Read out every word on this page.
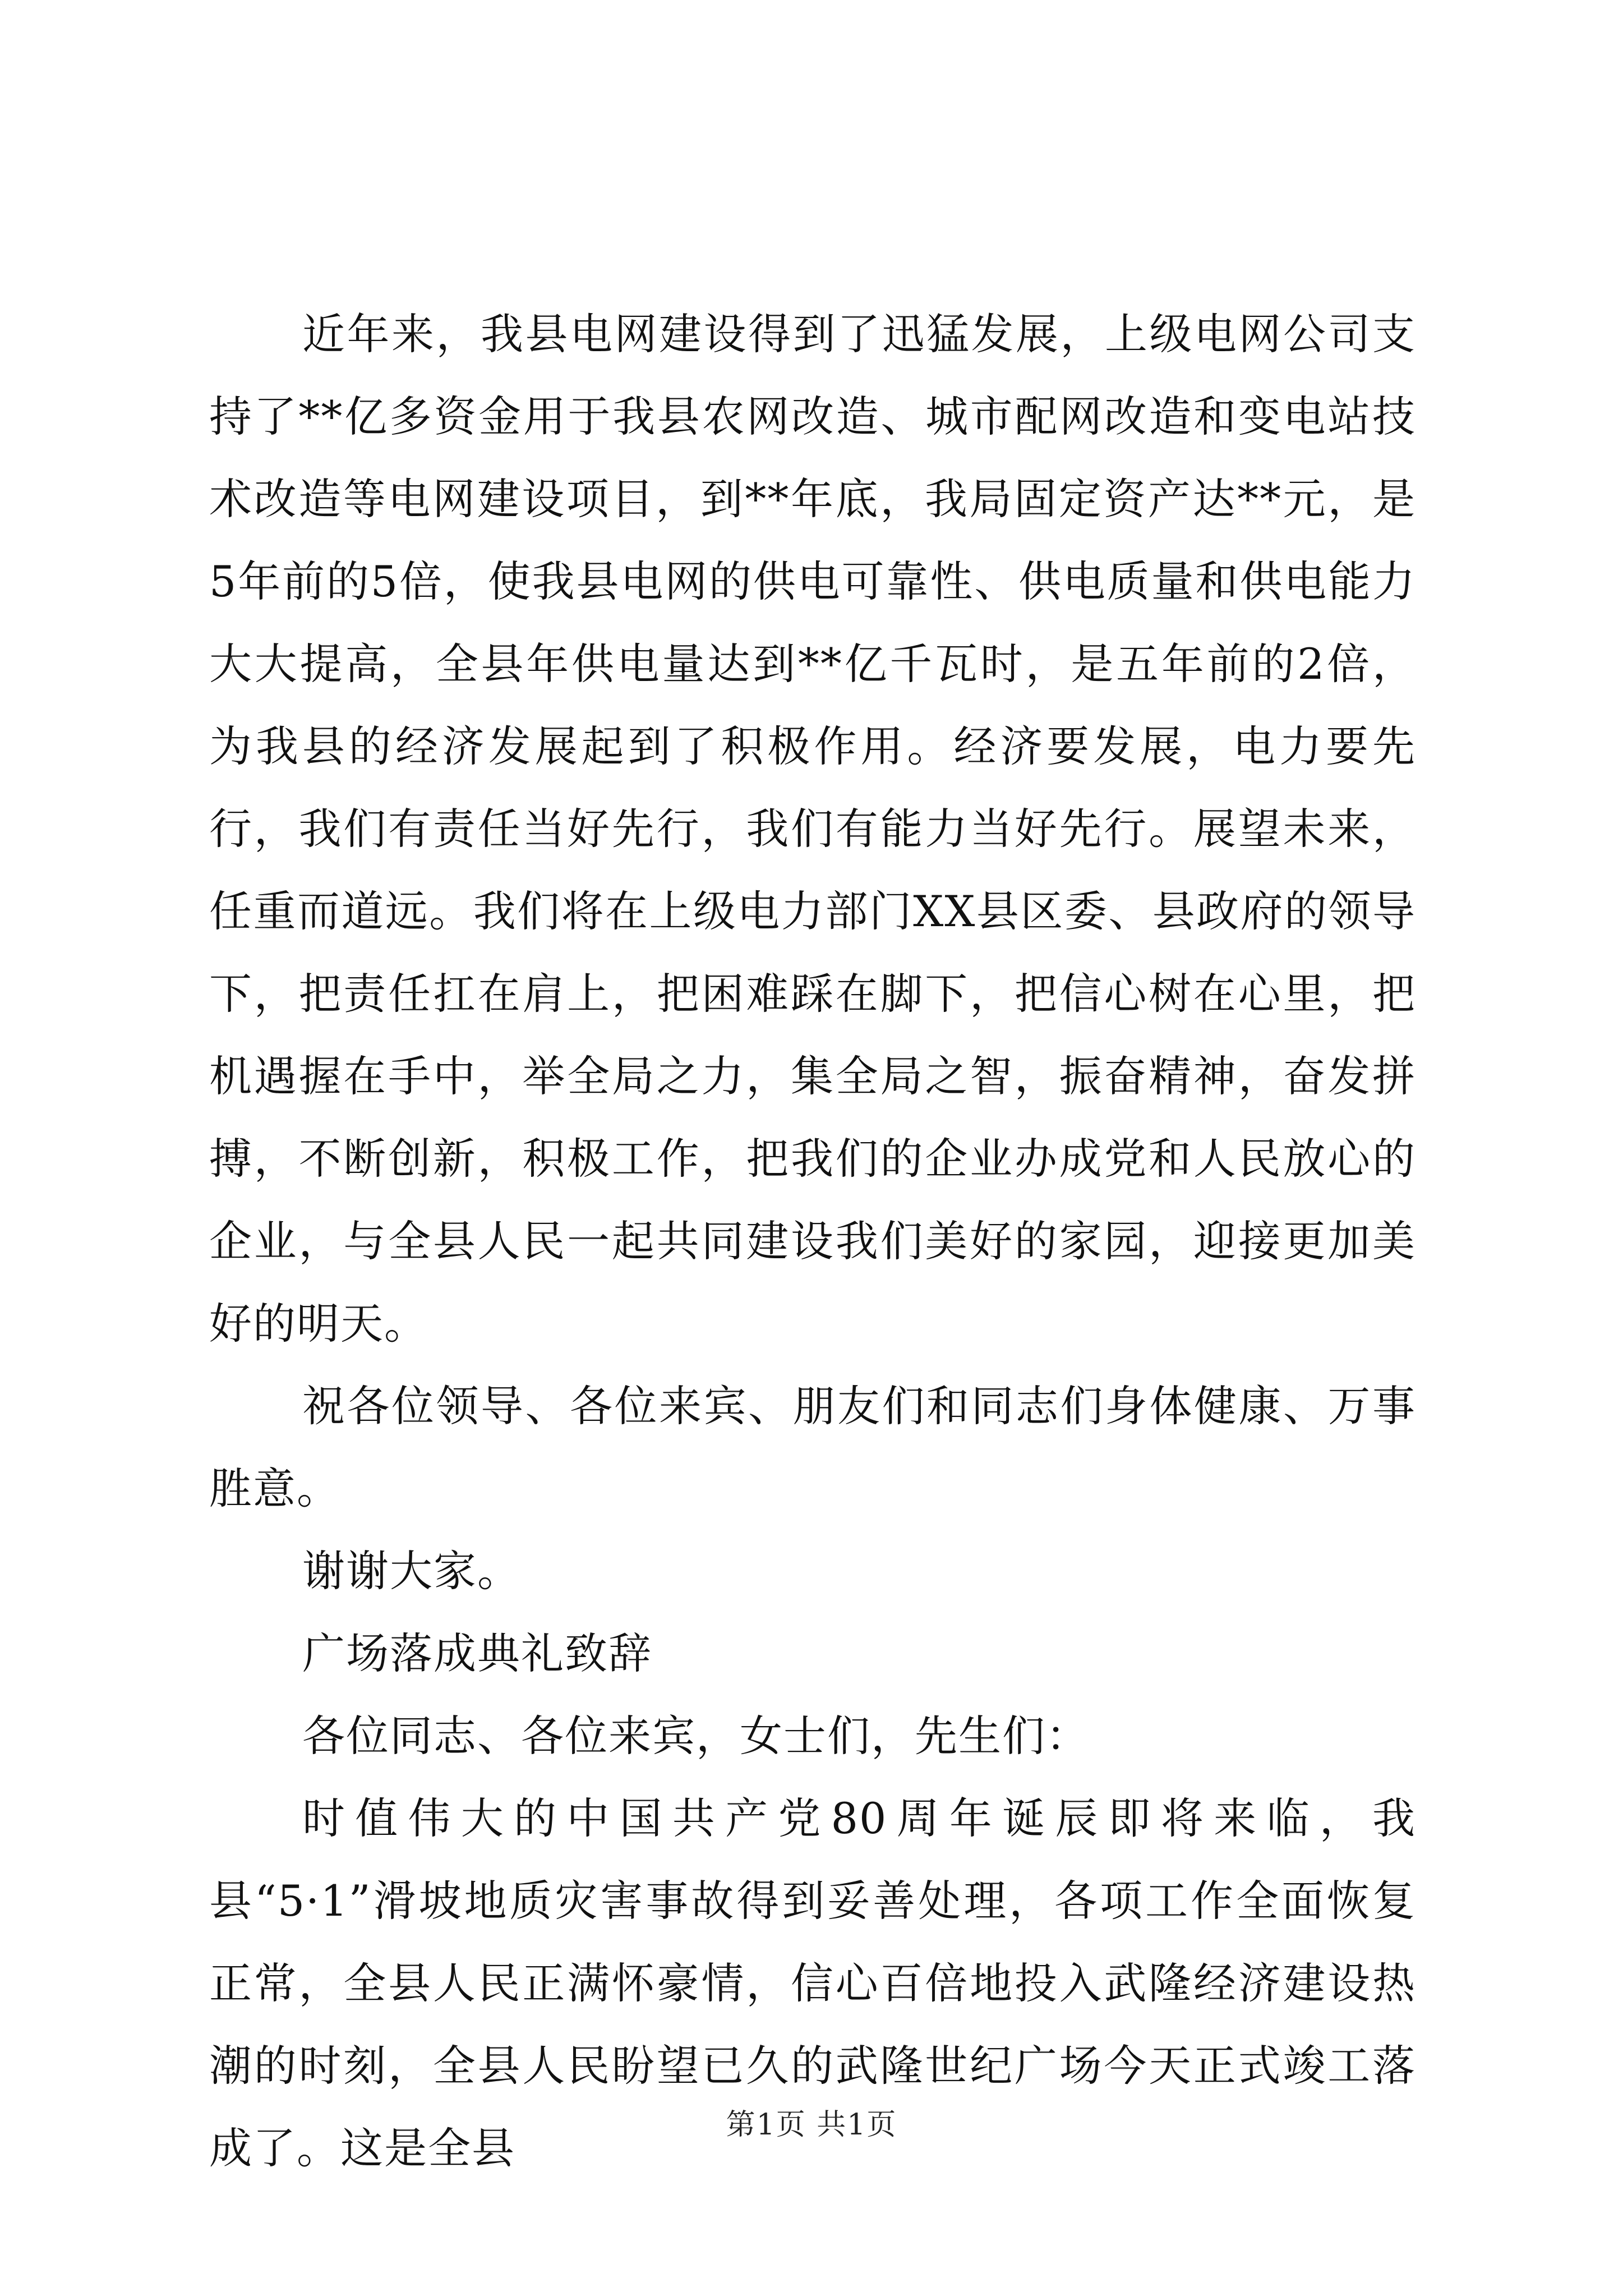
近年来，我县电网建设得到了迅猛发展，上级电网公司支持了**亿多资金用于我县农网改造、城市配网改造和变电站技术改造等电网建设项目，到**年底，我局固定资产达**元，是5年前的5倍，使我县电网的供电可靠性、供电质量和供电能力大大提高，全县年供电量达到**亿千瓦时，是五年前的2倍，为我县的经济发展起到了积极作用。经济要发展，电力要先行，我们有责任当好先行，我们有能力当好先行。展望未来，任重而道远。我们将在上级电力部门XX县区委、县政府的领导下，把责任扛在肩上，把困难踩在脚下，把信心树在心里，把机遇握在手中，举全局之力，集全局之智，振奋精神，奋发拼搏，不断创新，积极工作，把我们的企业办成党和人民放心的企业，与全县人民一起共同建设我们美好的家园，迎接更加美好的明天。

祝各位领导、各位来宾、朋友们和同志们身体健康、万事胜意。

谢谢大家。

广场落成典礼致辞

各位同志、各位来宾，女士们，先生们：

时值伟大的中国共产党80周年诞辰即将来临，我县“5·1”滑坡地质灾害事故得到妥善处理，各项工作全面恢复正常，全县人民正满怀豪情，信心百倍地投入武隆经济建设热潮的时刻，全县人民盼望已久的武隆世纪广场今天正式竣工落成了。这是全县	第1页 共1页
